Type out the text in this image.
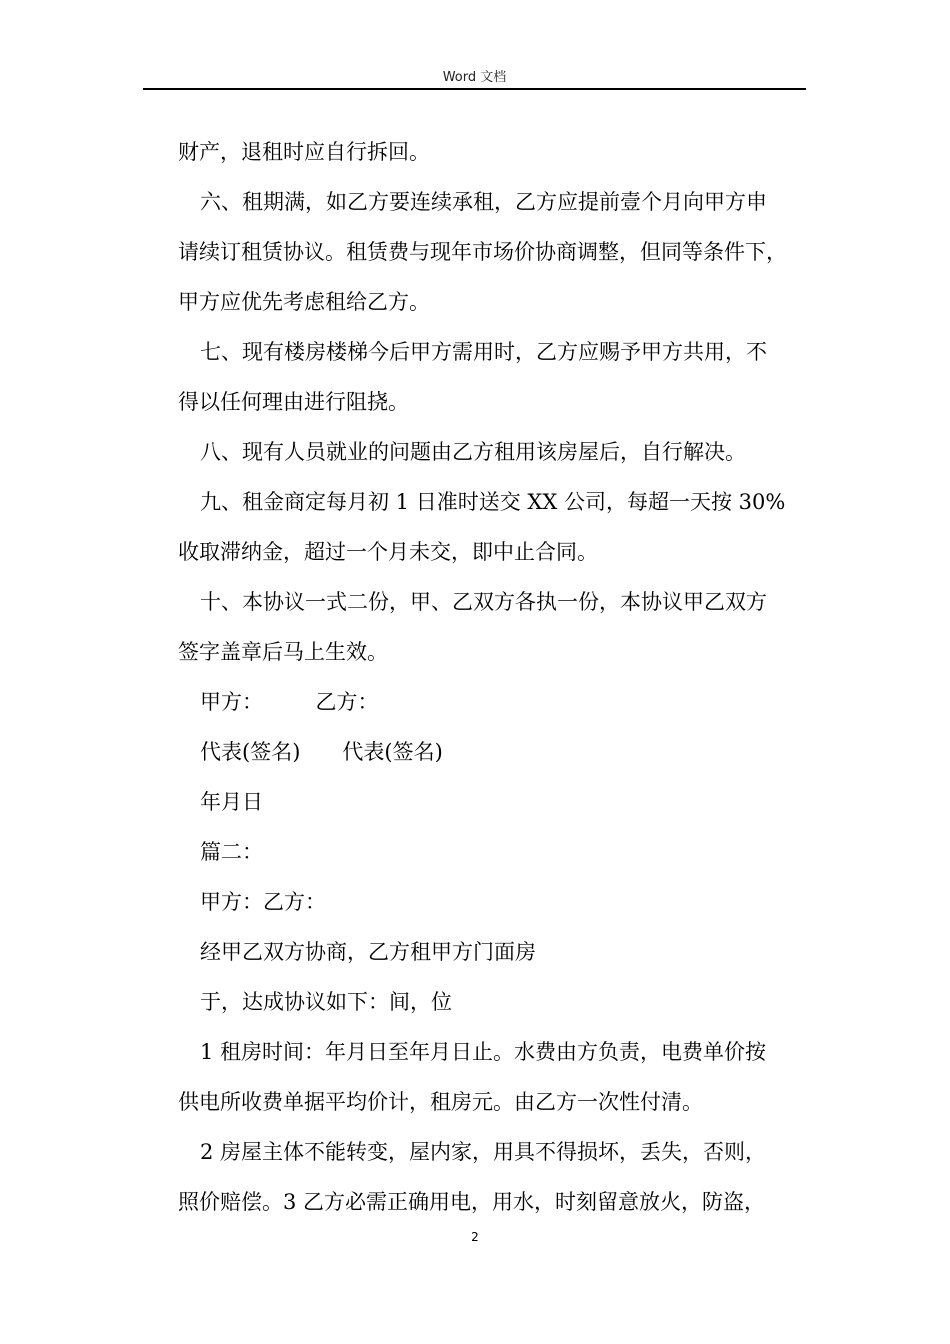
Word 文档
财产，退租时应自行拆回。
六、租期满，如乙方要连续承租，乙方应提前壹个月向甲方申
请续订租赁协议。租赁费与现年市场价协商调整，但同等条件下，
甲方应优先考虑租给乙方。
七、现有楼房楼梯今后甲方需用时，乙方应赐予甲方共用，不
得以任何理由进行阻挠。
八、现有人员就业的问题由乙方租用该房屋后，自行解决。
九、租金商定每月初 1 日准时送交 XX 公司，每超一天按 30%
收取滞纳金，超过一个月未交，即中止合同。
十、本协议一式二份，甲、乙双方各执一份，本协议甲乙双方
签字盖章后马上生效。
甲方：　　　乙方：
代表(签名)　　代表(签名)
年月日
篇二：
甲方：乙方：
经甲乙双方协商，乙方租甲方门面房
于，达成协议如下：间，位
1 租房时间：年月日至年月日止。水费由方负责，电费单价按
供电所收费单据平均价计，租房元。由乙方一次性付清。
2 房屋主体不能转变，屋内家，用具不得损坏，丢失，否则，
照价赔偿。3 乙方必需正确用电，用水，时刻留意放火，防盗，
2
